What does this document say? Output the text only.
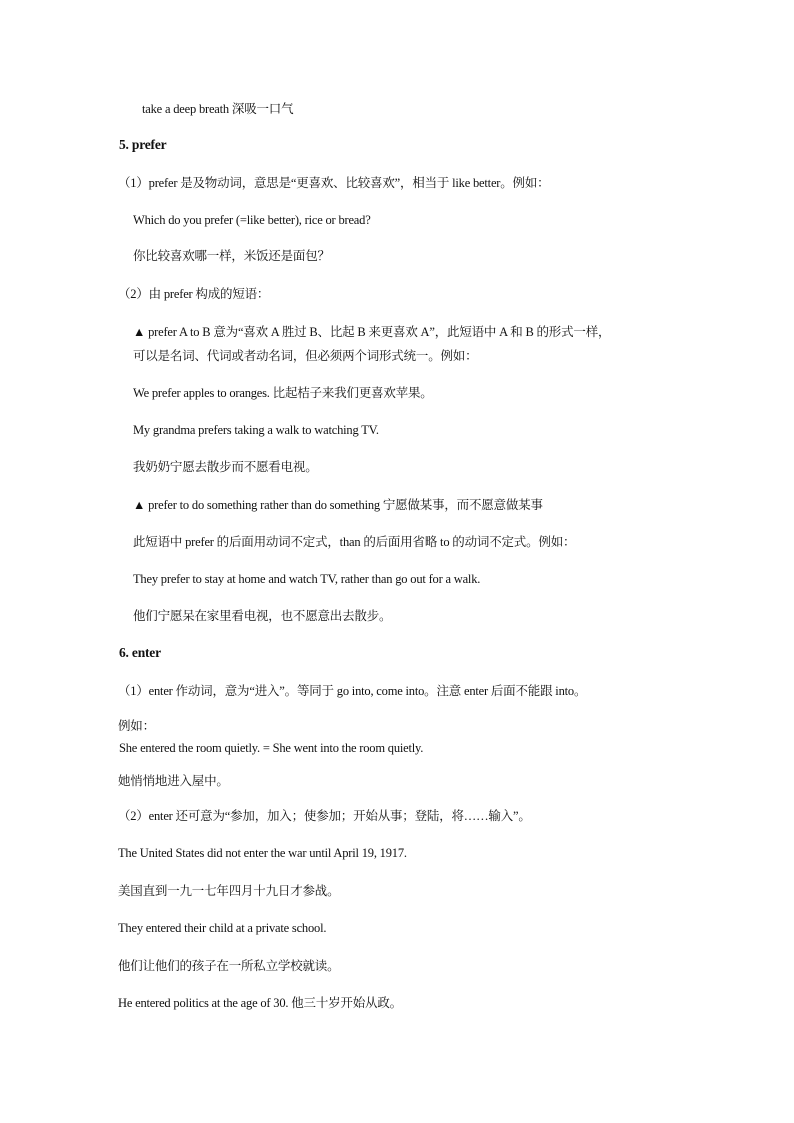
take a deep breath 深吸一口气
5. prefer
（1）prefer 是及物动词，意思是“更喜欢、比较喜欢”，相当于 like better。例如：
Which do you prefer (=like better), rice or bread?
你比较喜欢哪一样，米饭还是面包？
（2）由 prefer 构成的短语：
▲ prefer A to B 意为“喜欢 A 胜过 B、比起 B 来更喜欢 A”，此短语中 A 和 B 的形式一样，
可以是名词、代词或者动名词，但必须两个词形式统一。例如：
We prefer apples to oranges. 比起桔子来我们更喜欢苹果。
My grandma prefers taking a walk to watching TV.
我奶奶宁愿去散步而不愿看电视。
▲ prefer to do something rather than do something 宁愿做某事，而不愿意做某事
此短语中 prefer 的后面用动词不定式，than 的后面用省略 to 的动词不定式。例如：
They prefer to stay at home and watch TV, rather than go out for a walk.
他们宁愿呆在家里看电视，也不愿意出去散步。
6. enter
（1）enter 作动词，意为“进入”。等同于 go into, come into。注意 enter 后面不能跟 into。
例如：
She entered the room quietly. = She went into the room quietly.
她悄悄地进入屋中。
（2）enter 还可意为“参加，加入；使参加；开始从事；登陆，将……输入”。
The United States did not enter the war until April 19, 1917.
美国直到一九一七年四月十九日才参战。
They entered their child at a private school.
他们让他们的孩子在一所私立学校就读。
He entered politics at the age of 30. 他三十岁开始从政。
